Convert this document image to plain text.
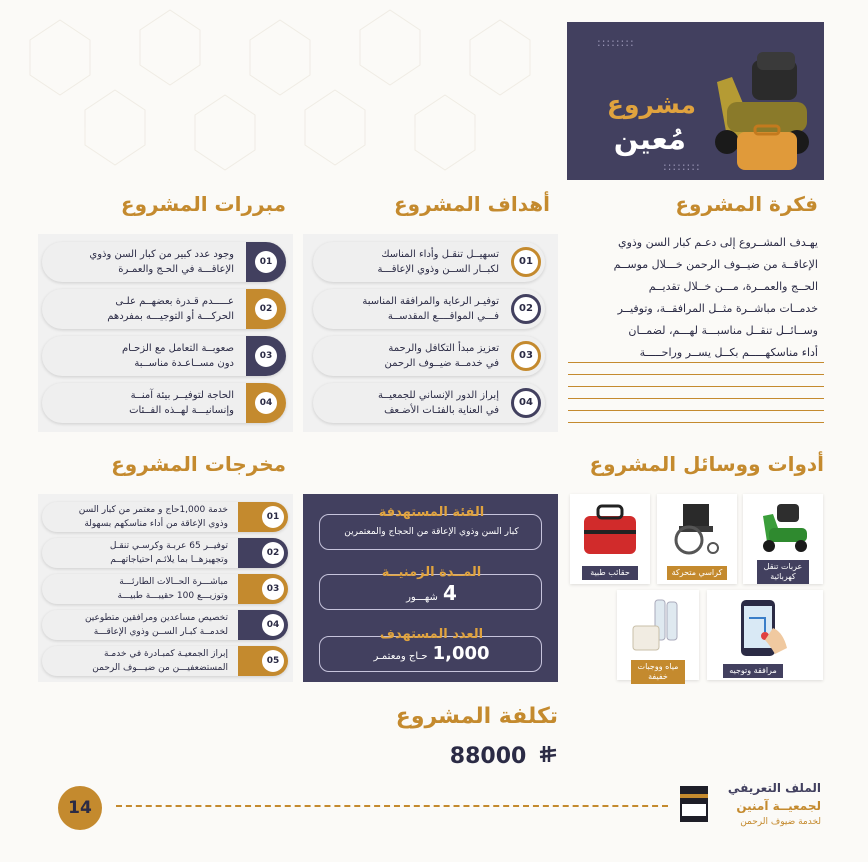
::::::::
::::::::
مشروع
مُعين
فكرة المشروع
يهـدف المشــروع إلى دعـم كبار السن وذوي
الإعاقــة من ضيــوف الرحمن خـــلال موســم
الحــج والعمــرة، مـــن خــلال تقديــم
خدمــات مباشــرة مثــل المرافقــة، وتوفيــر
وســائــل تنقــل مناسبـــة لهـــم، لضمــان
أداء مناسكهـــــم بكــل يســر وراحـــــة
أهداف المشروع
تسهيــل تنقـل وأداء المناسك
لكبــار الســن وذوي الإعاقـــة
01
توفيـر الرعاية والمرافقة المناسبة
فـــي المواقــــع المقدســة
02
تعزيز مبدأ التكافل والرحمة
في خدمــة ضيــوف الرحمن
03
إبراز الدور الإنساني للجمعيــة
في العناية بالفئـات الأضـعف
04
مبررات المشروع
وجود عدد كبير من كبار السن وذوي
الإعاقـــة في الحـج والعمـرة
01
عـــــدم قـدرة بعضهــم علـى
الحركـــة أو التوجيـــه بمفردهم
02
صعوبــة التعامل مع الزحـام
دون مســاعـدة مناســبة
03
الحاجة لتوفيــر بيئة آمنــة
وإنسانيـــة لهــذه الفــئات
04
أدوات ووسائل المشروع
عربات تنقل كهربائية
كراسي متحركة
حقائب طبية
مرافقة وتوجيه
مياه ووجبات خفيفة
الفئة المستهدفة
كبار السن وذوي الإعاقة من الحجاج والمعتمرين
المــدة الزمنيــة
4 شهـــور
العدد المستهدف
1,000 حـاج ومعتمـر
مخرجات المشروع
خدمة 1,000حاج و معتمر من كبار السن
وذوي الإعاقة من أداء مناسكهم بسهولة
01
توفيــر 65 عربـة وكرسـي تنقـل
وتجهيزهــا بما يلائـم احتياجاتهــم
02
مباشـــرة الحــالات الطارئـــة
وتوزيـــع 100 حقيبـــة طبيـــة
03
تخصيص مساعدين ومرافقين متطوعين
لخدمــة كبـار الســن وذوي الإعاقـــة
04
إبراز الجمعيـة كمبـادرة في خدمـة
المستضعفيـــن من ضيـــوف الرحمن
05
تكلفة المشروع
88000
14
الملف التعريفي
لجمعيــة آمنين
لخدمة ضيوف الرحمن
